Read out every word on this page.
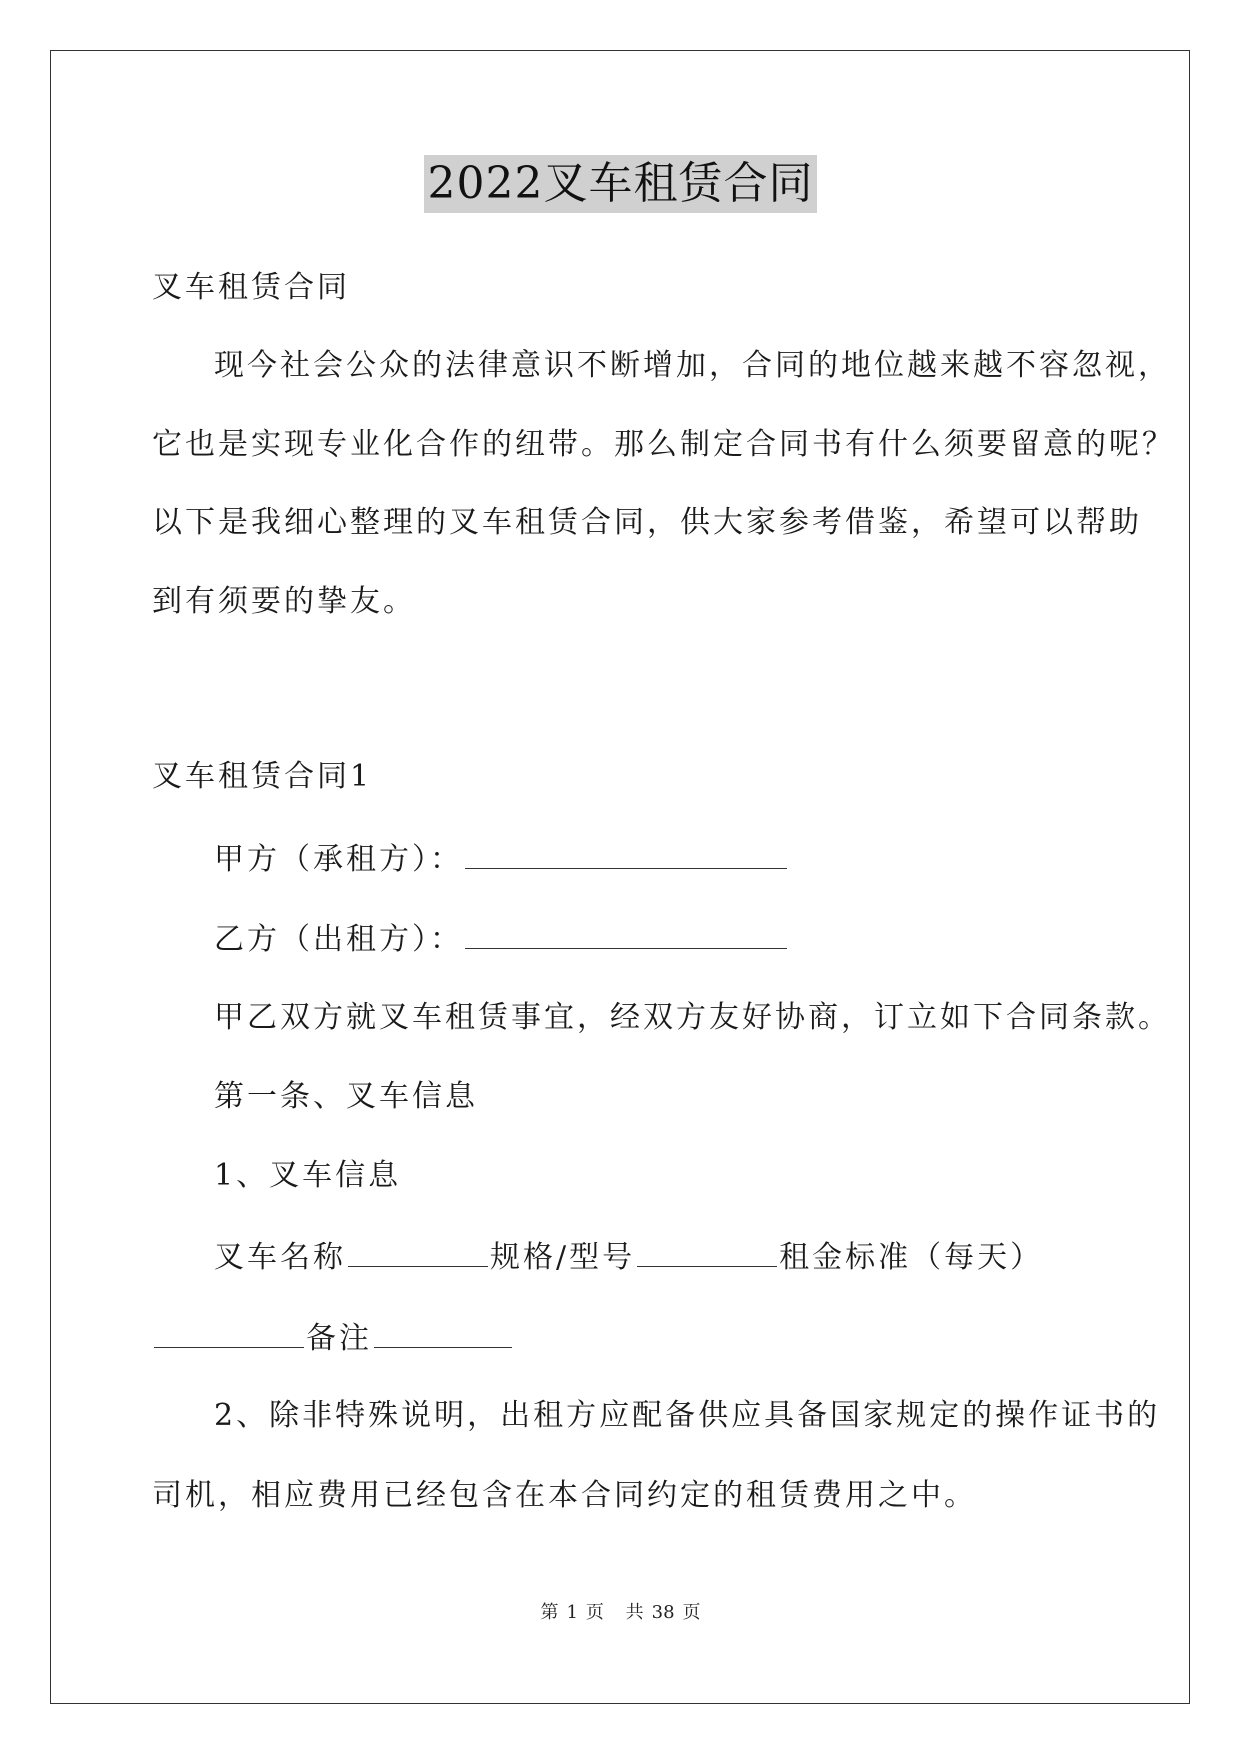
2022叉车租赁合同
叉车租赁合同
现今社会公众的法律意识不断增加，合同的地位越来越不容忽视，
它也是实现专业化合作的纽带。那么制定合同书有什么须要留意的呢？
以下是我细心整理的叉车租赁合同，供大家参考借鉴，希望可以帮助
到有须要的挚友。
叉车租赁合同1
甲方（承租方）：
乙方（出租方）：
甲乙双方就叉车租赁事宜，经双方友好协商，订立如下合同条款。
第一条、叉车信息
1、叉车信息
叉车名称	规格/型号	租金标准（每天）
备注
2、除非特殊说明，出租方应配备供应具备国家规定的操作证书的
司机，相应费用已经包含在本合同约定的租赁费用之中。
第 1 页 共 38 页
